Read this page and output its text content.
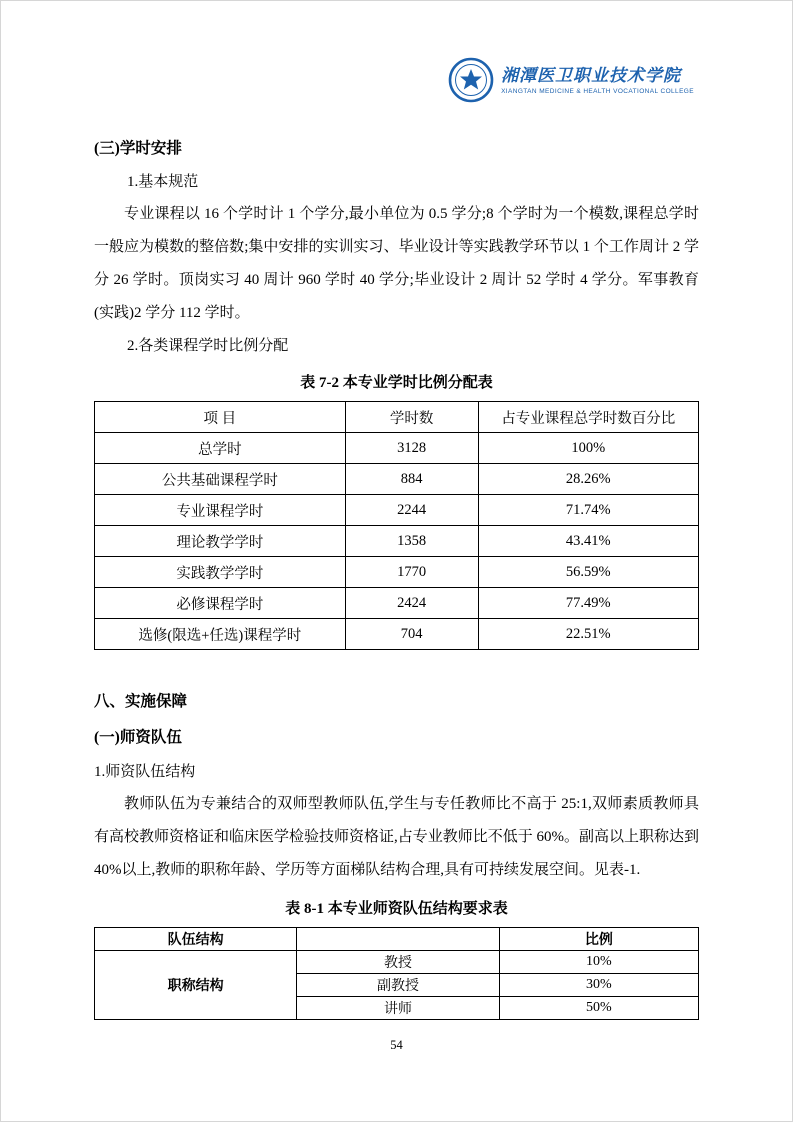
湘潭医卫职业技术学院
XIANGTAN MEDICINE & HEALTH VOCATIONAL COLLEGE
(三)学时安排
1.基本规范
专业课程以 16 个学时计 1 个学分,最小单位为 0.5 学分;8 个学时为一个模数,课程总学时一般应为模数的整倍数;集中安排的实训实习、毕业设计等实践教学环节以 1 个工作周计 2 学分 26 学时。顶岗实习 40 周计 960 学时 40 学分;毕业设计 2 周计 52 学时 4 学分。军事教育(实践)2 学分 112 学时。
2.各类课程学时比例分配
表 7-2 本专业学时比例分配表
项 目	学时数	占专业课程总学时数百分比
总学时	3128	100%
公共基础课程学时	884	28.26%
专业课程学时	2244	71.74%
理论教学学时	1358	43.41%
实践教学学时	1770	56.59%
必修课程学时	2424	77.49%
选修(限选+任选)课程学时	704	22.51%
八、实施保障
(一)师资队伍
1.师资队伍结构
教师队伍为专兼结合的双师型教师队伍,学生与专任教师比不高于 25:1,双师素质教师具有高校教师资格证和临床医学检验技师资格证,占专业教师比不低于 60%。副高以上职称达到 40%以上,教师的职称年龄、学历等方面梯队结构合理,具有可持续发展空间。见表-1.
表 8-1 本专业师资队伍结构要求表
队伍结构		比例
职称结构	教授	10%
	副教授	30%
	讲师	50%
54
